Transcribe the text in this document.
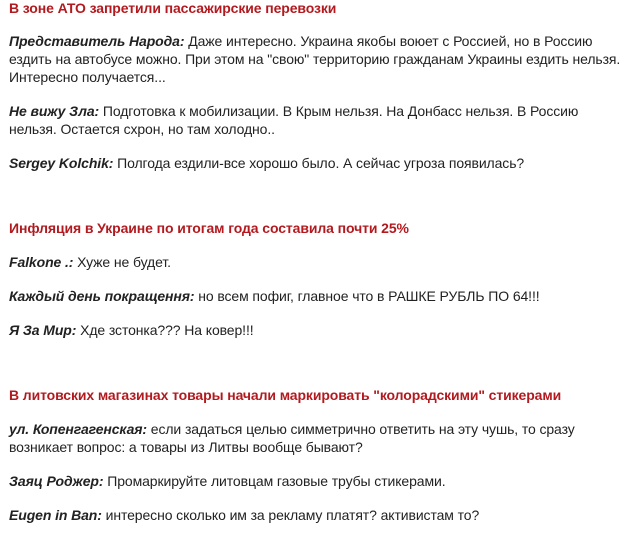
В зоне АТО запретили пассажирские перевозки

Представитель Народа: Даже интересно. Украина якобы воюет с Россией, но в Россию ездить на автобусе можно. При этом на "свою" территорию гражданам Украины ездить нельзя. Интересно получается...

Не вижу Зла: Подготовка к мобилизации. В Крым нельзя. На Донбасс нельзя. В Россию нельзя. Остается схрон, но там холодно..

Sergey Kolchik: Полгода ездили-все хорошо было. А сейчас угроза появилась?

Инфляция в Украине по итогам года составила почти 25%

Falkone .: Хуже не будет.

Каждый день покращення: но всем пофиг, главное что в РАШКЕ РУБЛЬ ПО 64!!!

Я За Мир: Хде зстонка??? На ковер!!!

В литовских магазинах товары начали маркировать "колорадскими" стикерами

ул. Копенгагенская: если задаться целью симметрично ответить на эту чушь, то сразу возникает вопрос: а товары из Литвы вообще бывают?

Заяц Роджер: Промаркируйте литовцам газовые трубы стикерами.

Eugen in Ban: интересно сколько им за рекламу платят? активистам то?
